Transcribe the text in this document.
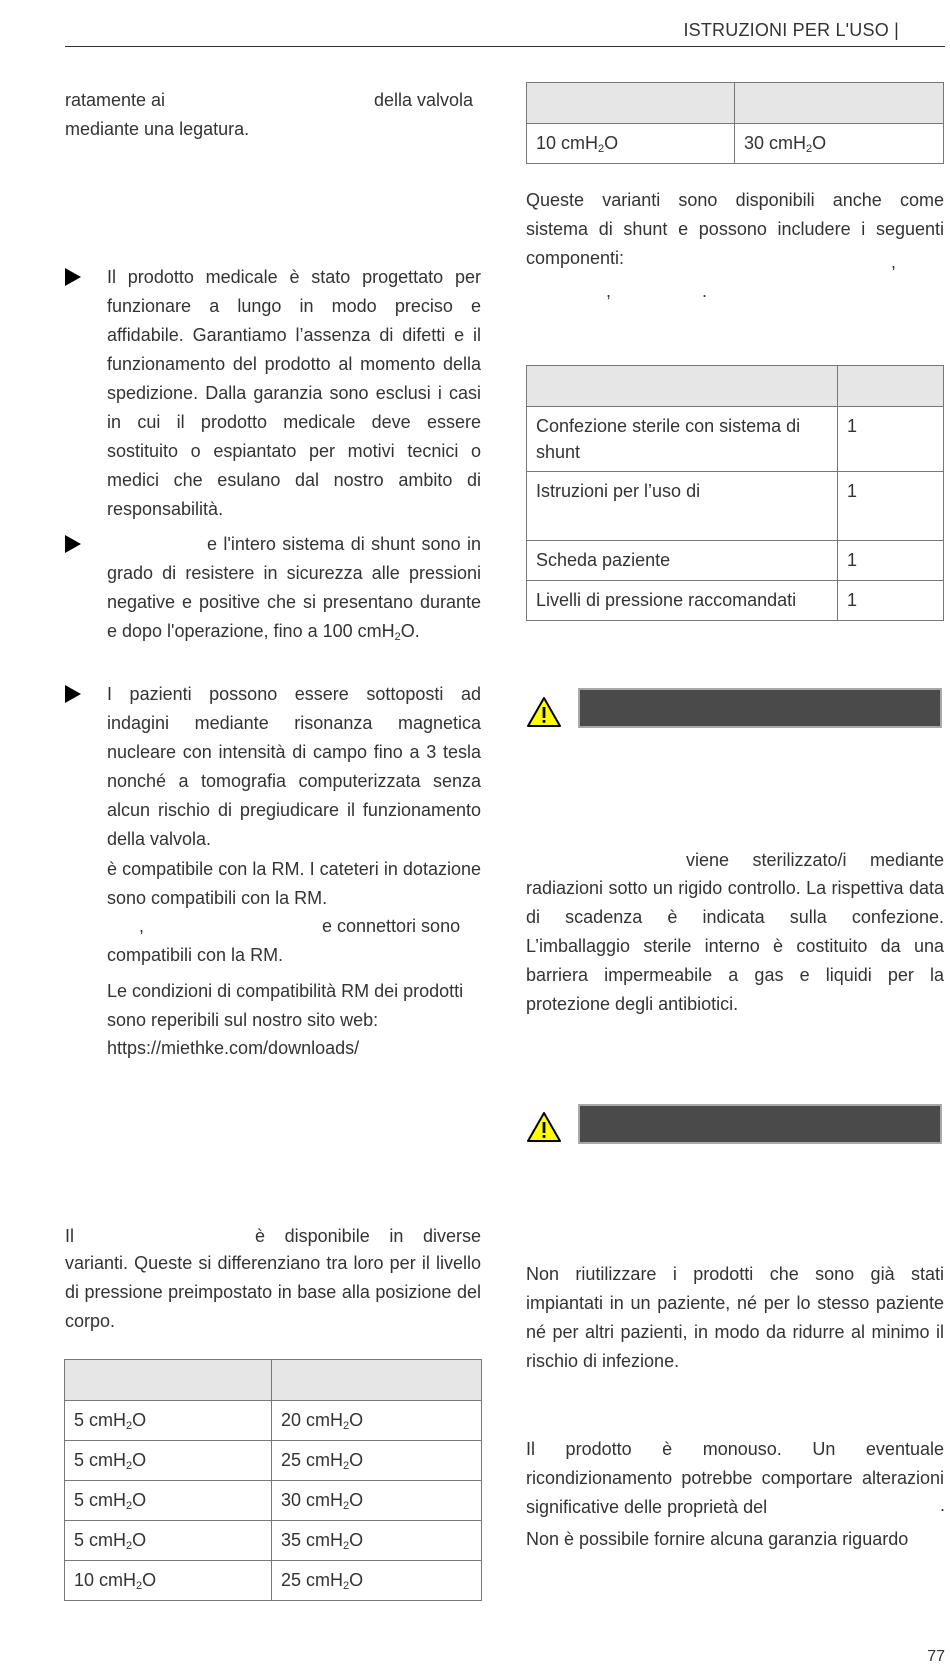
ISTRUZIONI PER L'USO |
ratamente ai	della valvola
mediante una legatura.

Il prodotto medicale è stato progettato per funzionare a lungo in modo preciso e affidabile. Garantiamo l’assenza di difetti e il funzionamento del prodotto al momento della spedizione. Dalla garanzia sono esclusi i casi in cui il prodotto medicale deve essere sostituito o espiantato per motivi tecnici o medici che esulano dal nostro ambito di responsabilità.

e l'intero sistema di shunt sono in grado di resistere in sicurezza alle pressioni negative e positive che si presentano durante e dopo l'operazione, fino a 100 cmH$_2$O.

I pazienti possono essere sottoposti ad indagini mediante risonanza magnetica nucleare con intensità di campo fino a 3 tesla nonché a tomografia computerizzata senza alcun rischio di pregiudicare il funzionamento della valvola.

è compatibile con la RM. I cateteri in dotazione sono compatibili con la RM.

,	e connettori sono
compatibili con la RM.

Le condizioni di compatibilità RM dei prodotti sono reperibili sul nostro sito web:

https://miethke.com/downloads/
Il	è disponibile in diverse

varianti. Queste si differenziano tra loro per il livello di pressione preimpostato in base alla posizione del corpo.

5 cmH$_2$O	20 cmH$_2$O
5 cmH$_2$O	25 cmH$_2$O
5 cmH$_2$O	30 cmH$_2$O
5 cmH$_2$O	35 cmH$_2$O
10 cmH$_2$O	25 cmH$_2$O

10 cmH$_2$O	30 cmH$_2$O

Queste varianti sono disponibili anche come sistema di shunt e possono includere i seguenti componenti:	,
,	.

Confezione sterile con sistema di shunt	1
Istruzioni per l’uso di	1
Scheda paziente	1
Livelli di pressione raccomandati	1
viene sterilizzato/i mediante

radiazioni sotto un rigido controllo. La rispettiva data di scadenza è indicata sulla confezione. L’imballaggio sterile interno è costituito da una barriera impermeabile a gas e liquidi per la protezione degli antibiotici.

Non riutilizzare i prodotti che sono già stati impiantati in un paziente, né per lo stesso paziente né per altri pazienti, in modo da ridurre al minimo il rischio di infezione.

Il prodotto è monouso. Un eventuale ricondizionamento potrebbe comportare alterazioni significative delle proprietà del	.
Non è possibile fornire alcuna garanzia riguardo
77
